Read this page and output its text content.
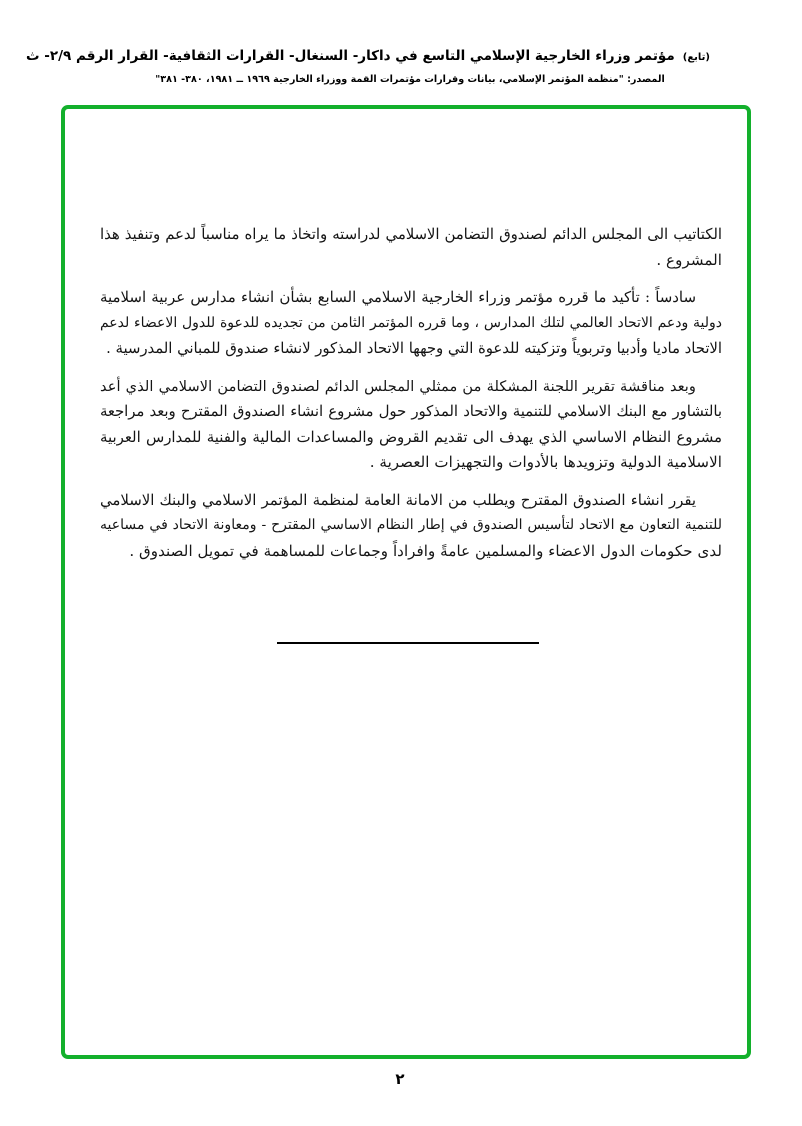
(تابع)مؤتمر وزراء الخارجية الإسلامي التاسع في داكار- السنغال- القرارات الثقافية- القرار الرقم ٢/٩- ث
المصدر: "منظمة المؤتمر الإسلامي، بيانات وقرارات مؤتمرات القمة ووزراء الخارجية ١٩٦٩ ــ ١٩٨١، ٣٨٠- ٣٨١"

الكتاتيب الى المجلس الدائم لصندوق التضامن الاسلامي لدراسته واتخاذ ما يراه مناسباً لدعم وتنفيذ هذا
المشروع .

سادساً : تأكيد ما قرره مؤتمر وزراء الخارجية الاسلامي السابع بشأن انشاء مدارس عربية اسلامية
دولية ودعم الاتحاد العالمي لتلك المدارس ، وما قرره المؤتمر الثامن من تجديده للدعوة للدول الاعضاء لدعم
الاتحاد ماديا وأدبيا وتربوياً وتزكيته للدعوة التي وجهها الاتحاد المذكور لانشاء صندوق للمباني المدرسية .

وبعد مناقشة تقرير اللجنة المشكلة من ممثلي المجلس الدائم لصندوق التضامن الاسلامي الذي أعد
بالتشاور مع البنك الاسلامي للتنمية والاتحاد المذكور حول مشروع انشاء الصندوق المقترح وبعد مراجعة
مشروع النظام الاساسي الذي يهدف الى تقديم القروض والمساعدات المالية والفنية للمدارس العربية
الاسلامية الدولية وتزويدها بالأدوات والتجهيزات العصرية .

يقرر انشاء الصندوق المقترح ويطلب من الامانة العامة لمنظمة المؤتمر الاسلامي والبنك الاسلامي
للتنمية التعاون مع الاتحاد لتأسيس الصندوق في إطار النظام الاساسي المقترح - ومعاونة الاتحاد في مساعيه
لدى حكومات الدول الاعضاء والمسلمين عامةً وافراداً وجماعات للمساهمة في تمويل الصندوق .

٢
